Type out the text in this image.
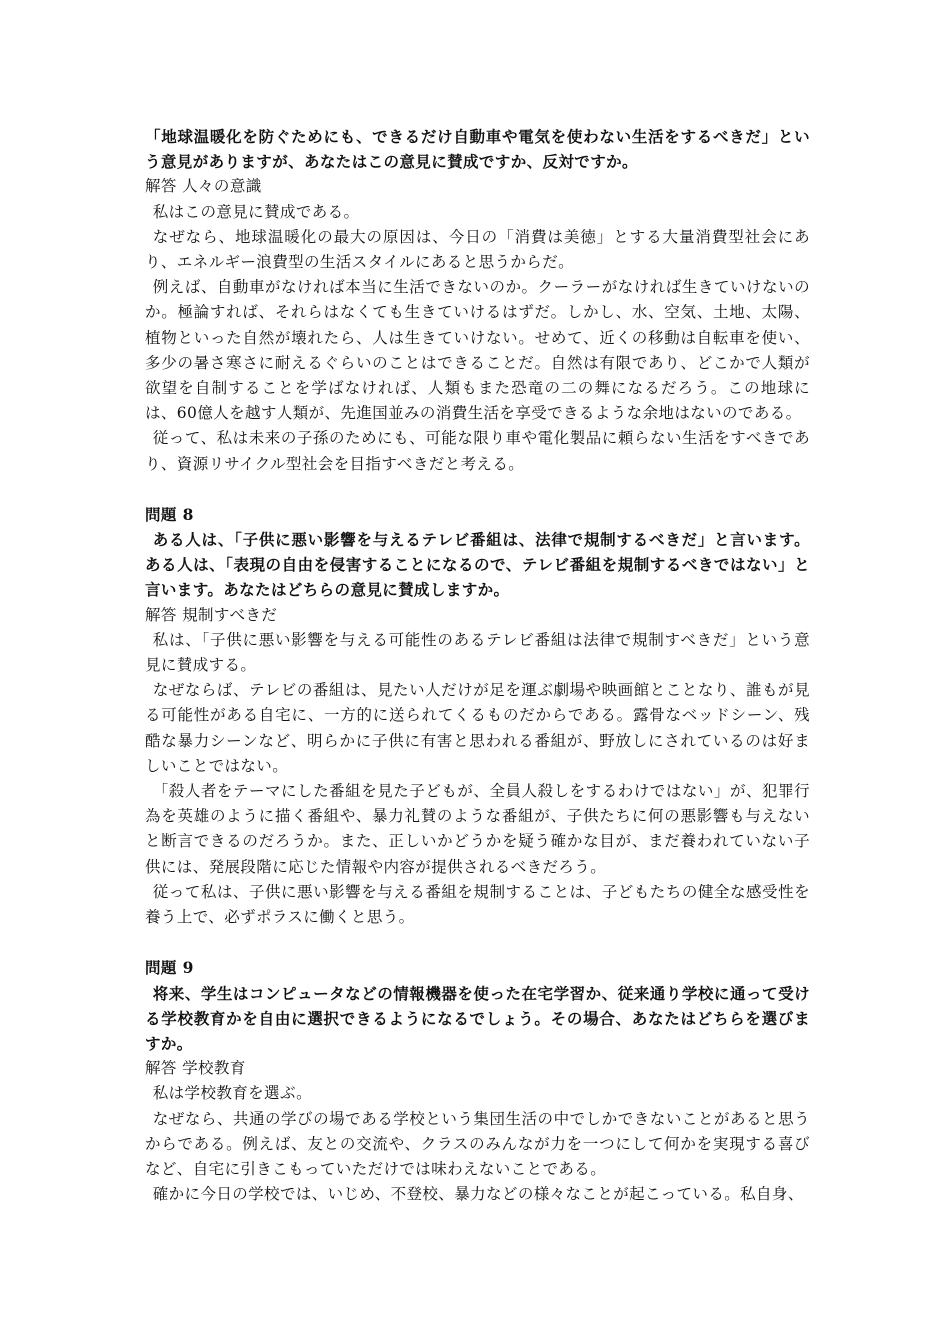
「地球温暖化を防ぐためにも、できるだけ自動車や電気を使わない生活をするべきだ」という意見がありますが、あなたはこの意見に賛成ですか、反対ですか。
解答 人々の意識
私はこの意見に賛成である。
なぜなら、地球温暖化の最大の原因は、今日の「消費は美徳」とする大量消費型社会にあり、エネルギー浪費型の生活スタイルにあると思うからだ。
例えば、自動車がなければ本当に生活できないのか。クーラーがなければ生きていけないのか。極論すれば、それらはなくても生きていけるはずだ。しかし、水、空気、土地、太陽、植物といった自然が壊れたら、人は生きていけない。せめて、近くの移動は自転車を使い、多少の暑さ寒さに耐えるぐらいのことはできることだ。自然は有限であり、どこかで人類が欲望を自制することを学ばなければ、人類もまた恐竜の二の舞になるだろう。この地球には、60億人を越す人類が、先進国並みの消費生活を享受できるような余地はないのである。
従って、私は未来の子孫のためにも、可能な限り車や電化製品に頼らない生活をすべきであり、資源リサイクル型社会を目指すべきだと考える。
問題 8
ある人は、「子供に悪い影響を与えるテレビ番組は、法律で規制するべきだ」と言います。ある人は、「表現の自由を侵害することになるので、テレビ番組を規制するべきではない」と言います。あなたはどちらの意見に賛成しますか。
解答 規制すべきだ
私は、「子供に悪い影響を与える可能性のあるテレビ番組は法律で規制すべきだ」という意見に賛成する。
なぜならば、テレビの番組は、見たい人だけが足を運ぶ劇場や映画館とことなり、誰もが見る可能性がある自宅に、一方的に送られてくるものだからである。露骨なベッドシーン、残酷な暴力シーンなど、明らかに子供に有害と思われる番組が、野放しにされているのは好ましいことではない。
「殺人者をテーマにした番組を見た子どもが、全員人殺しをするわけではない」が、犯罪行為を英雄のように描く番組や、暴力礼賛のような番組が、子供たちに何の悪影響も与えないと断言できるのだろうか。また、正しいかどうかを疑う確かな目が、まだ養われていない子供には、発展段階に応じた情報や内容が提供されるべきだろう。
従って私は、子供に悪い影響を与える番組を規制することは、子どもたちの健全な感受性を養う上で、必ずポラスに働くと思う。
問題 9
将来、学生はコンピュータなどの情報機器を使った在宅学習か、従来通り学校に通って受ける学校教育かを自由に選択できるようになるでしょう。その場合、あなたはどちらを選びますか。
解答 学校教育
私は学校教育を選ぶ。
なぜなら、共通の学びの場である学校という集団生活の中でしかできないことがあると思うからである。例えば、友との交流や、クラスのみんなが力を一つにして何かを実現する喜びなど、自宅に引きこもっていただけでは味わえないことである。
確かに今日の学校では、いじめ、不登校、暴力などの様々なことが起こっている。私自身、
